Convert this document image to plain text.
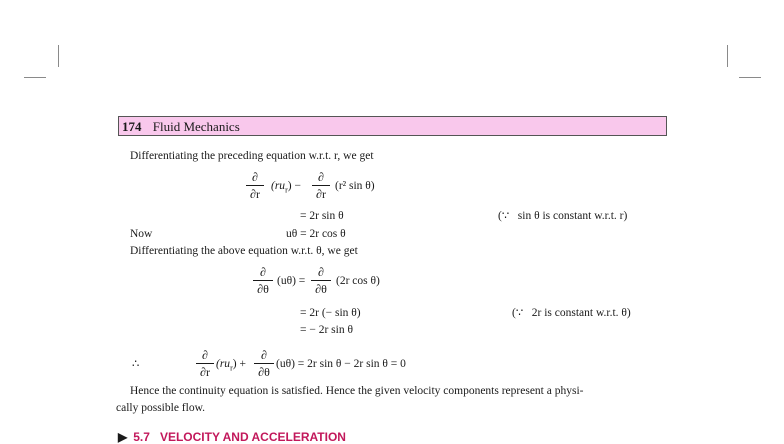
174 Fluid Mechanics
Differentiating the preceding equation w.r.t. r, we get
∂
∂r
$(ru_r)$ −
∂
∂r
(r² sin θ)
= 2r sin θ	(∵ sin θ is constant w.r.t. r)
Now	uθ = 2r cos θ
Differentiating the above equation w.r.t. θ, we get
∂
∂θ
(uθ) =
∂
∂θ
(2r cos θ)
= 2r (− sin θ)	(∵ 2r is constant w.r.t. θ)
= − 2r sin θ
∴
∂
∂r
$(ru_r)$ +
∂
∂θ
(uθ) = 2r sin θ − 2r sin θ = 0
Hence the continuity equation is satisfied. Hence the given velocity components represent a physi-
cally possible flow.
▶ 5.7 VELOCITY AND ACCELERATION
